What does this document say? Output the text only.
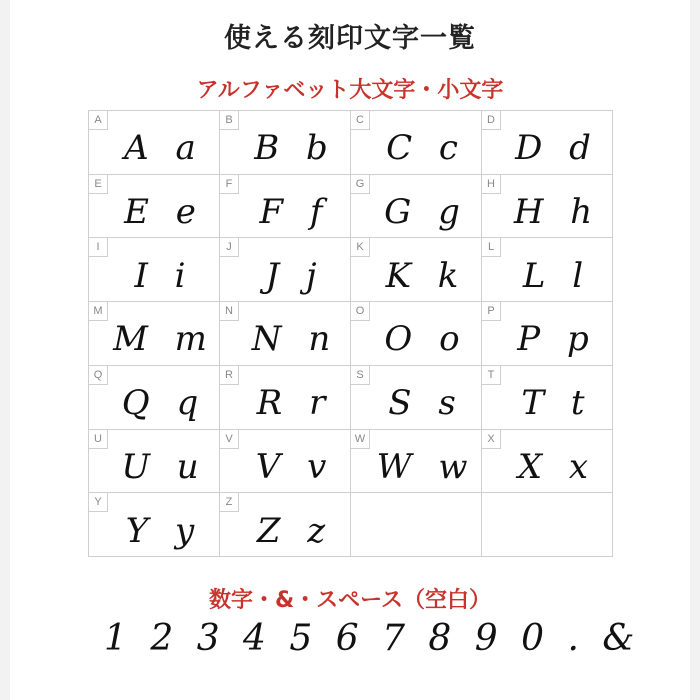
使える刻印文字一覧
アルファベット大文字・小文字
A
A a
B
B b
C
C c
D
D d
E
E e
F
F f
G
G g
H
H h
I
I i
J
J j
K
K k
L
L l
M
M m
N
N n
O
O o
P
P p
Q
Q q
R
R r
S
S s
T
T t
U
U u
V
V v
W
W w
X
X x
Y
Y y
Z
Z z
数字・&・スペース（空白）
1 2 3 4 5 6 7 8 9 0 . &
